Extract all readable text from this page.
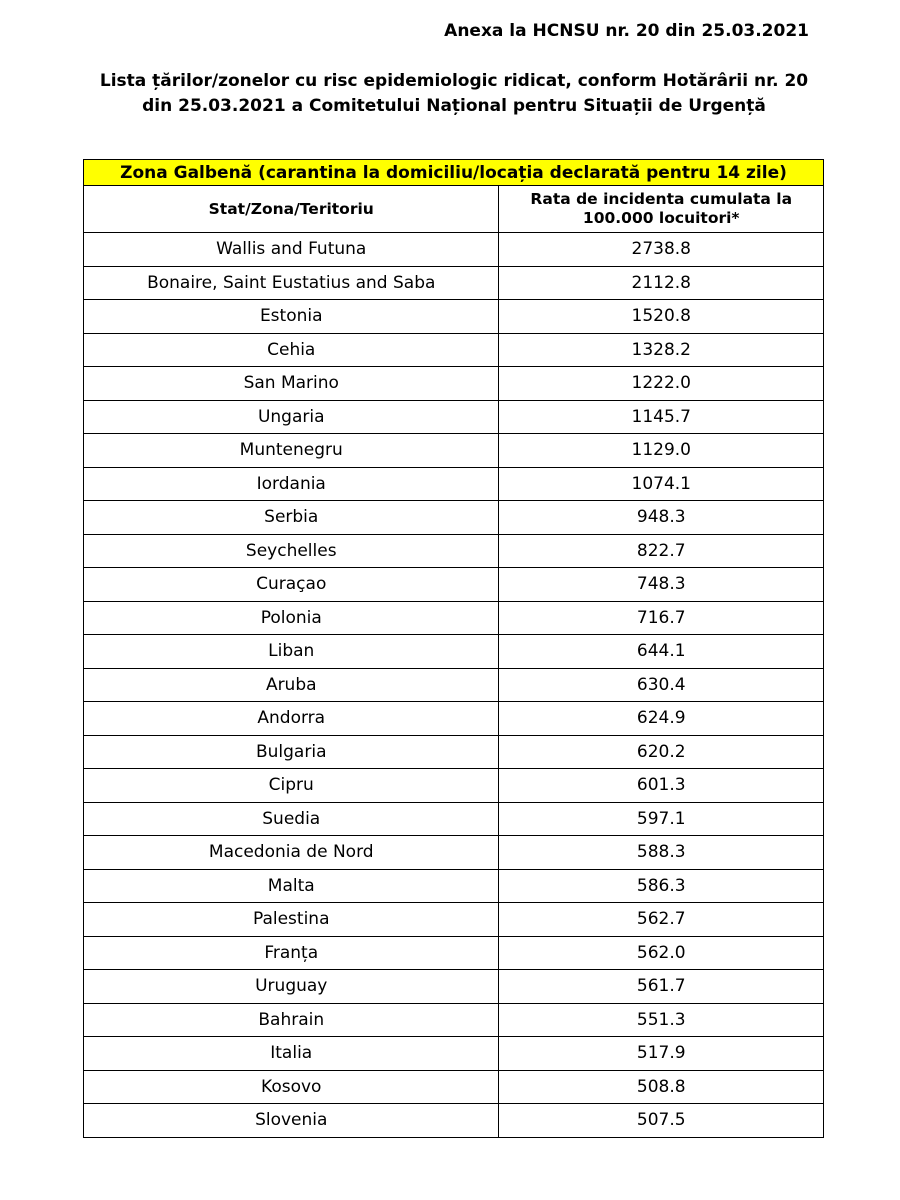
Anexa la HCNSU nr. 20 din 25.03.2021
Lista țărilor/zonelor cu risc epidemiologic ridicat, conform Hotărârii nr. 20 din 25.03.2021 a Comitetului Național pentru Situații de Urgență
Zona Galbenă (carantina la domiciliu/locația declarată pentru 14 zile)	
Stat/Zona/Teritoriu	Rata de incidenta cumulata la 100.000 locuitori*
Wallis and Futuna	2738.8
Bonaire, Saint Eustatius and Saba	2112.8
Estonia	1520.8
Cehia	1328.2
San Marino	1222.0
Ungaria	1145.7
Muntenegru	1129.0
Iordania	1074.1
Serbia	948.3
Seychelles	822.7
Curaçao	748.3
Polonia	716.7
Liban	644.1
Aruba	630.4
Andorra	624.9
Bulgaria	620.2
Cipru	601.3
Suedia	597.1
Macedonia de Nord	588.3
Malta	586.3
Palestina	562.7
Franța	562.0
Uruguay	561.7
Bahrain	551.3
Italia	517.9
Kosovo	508.8
Slovenia	507.5
